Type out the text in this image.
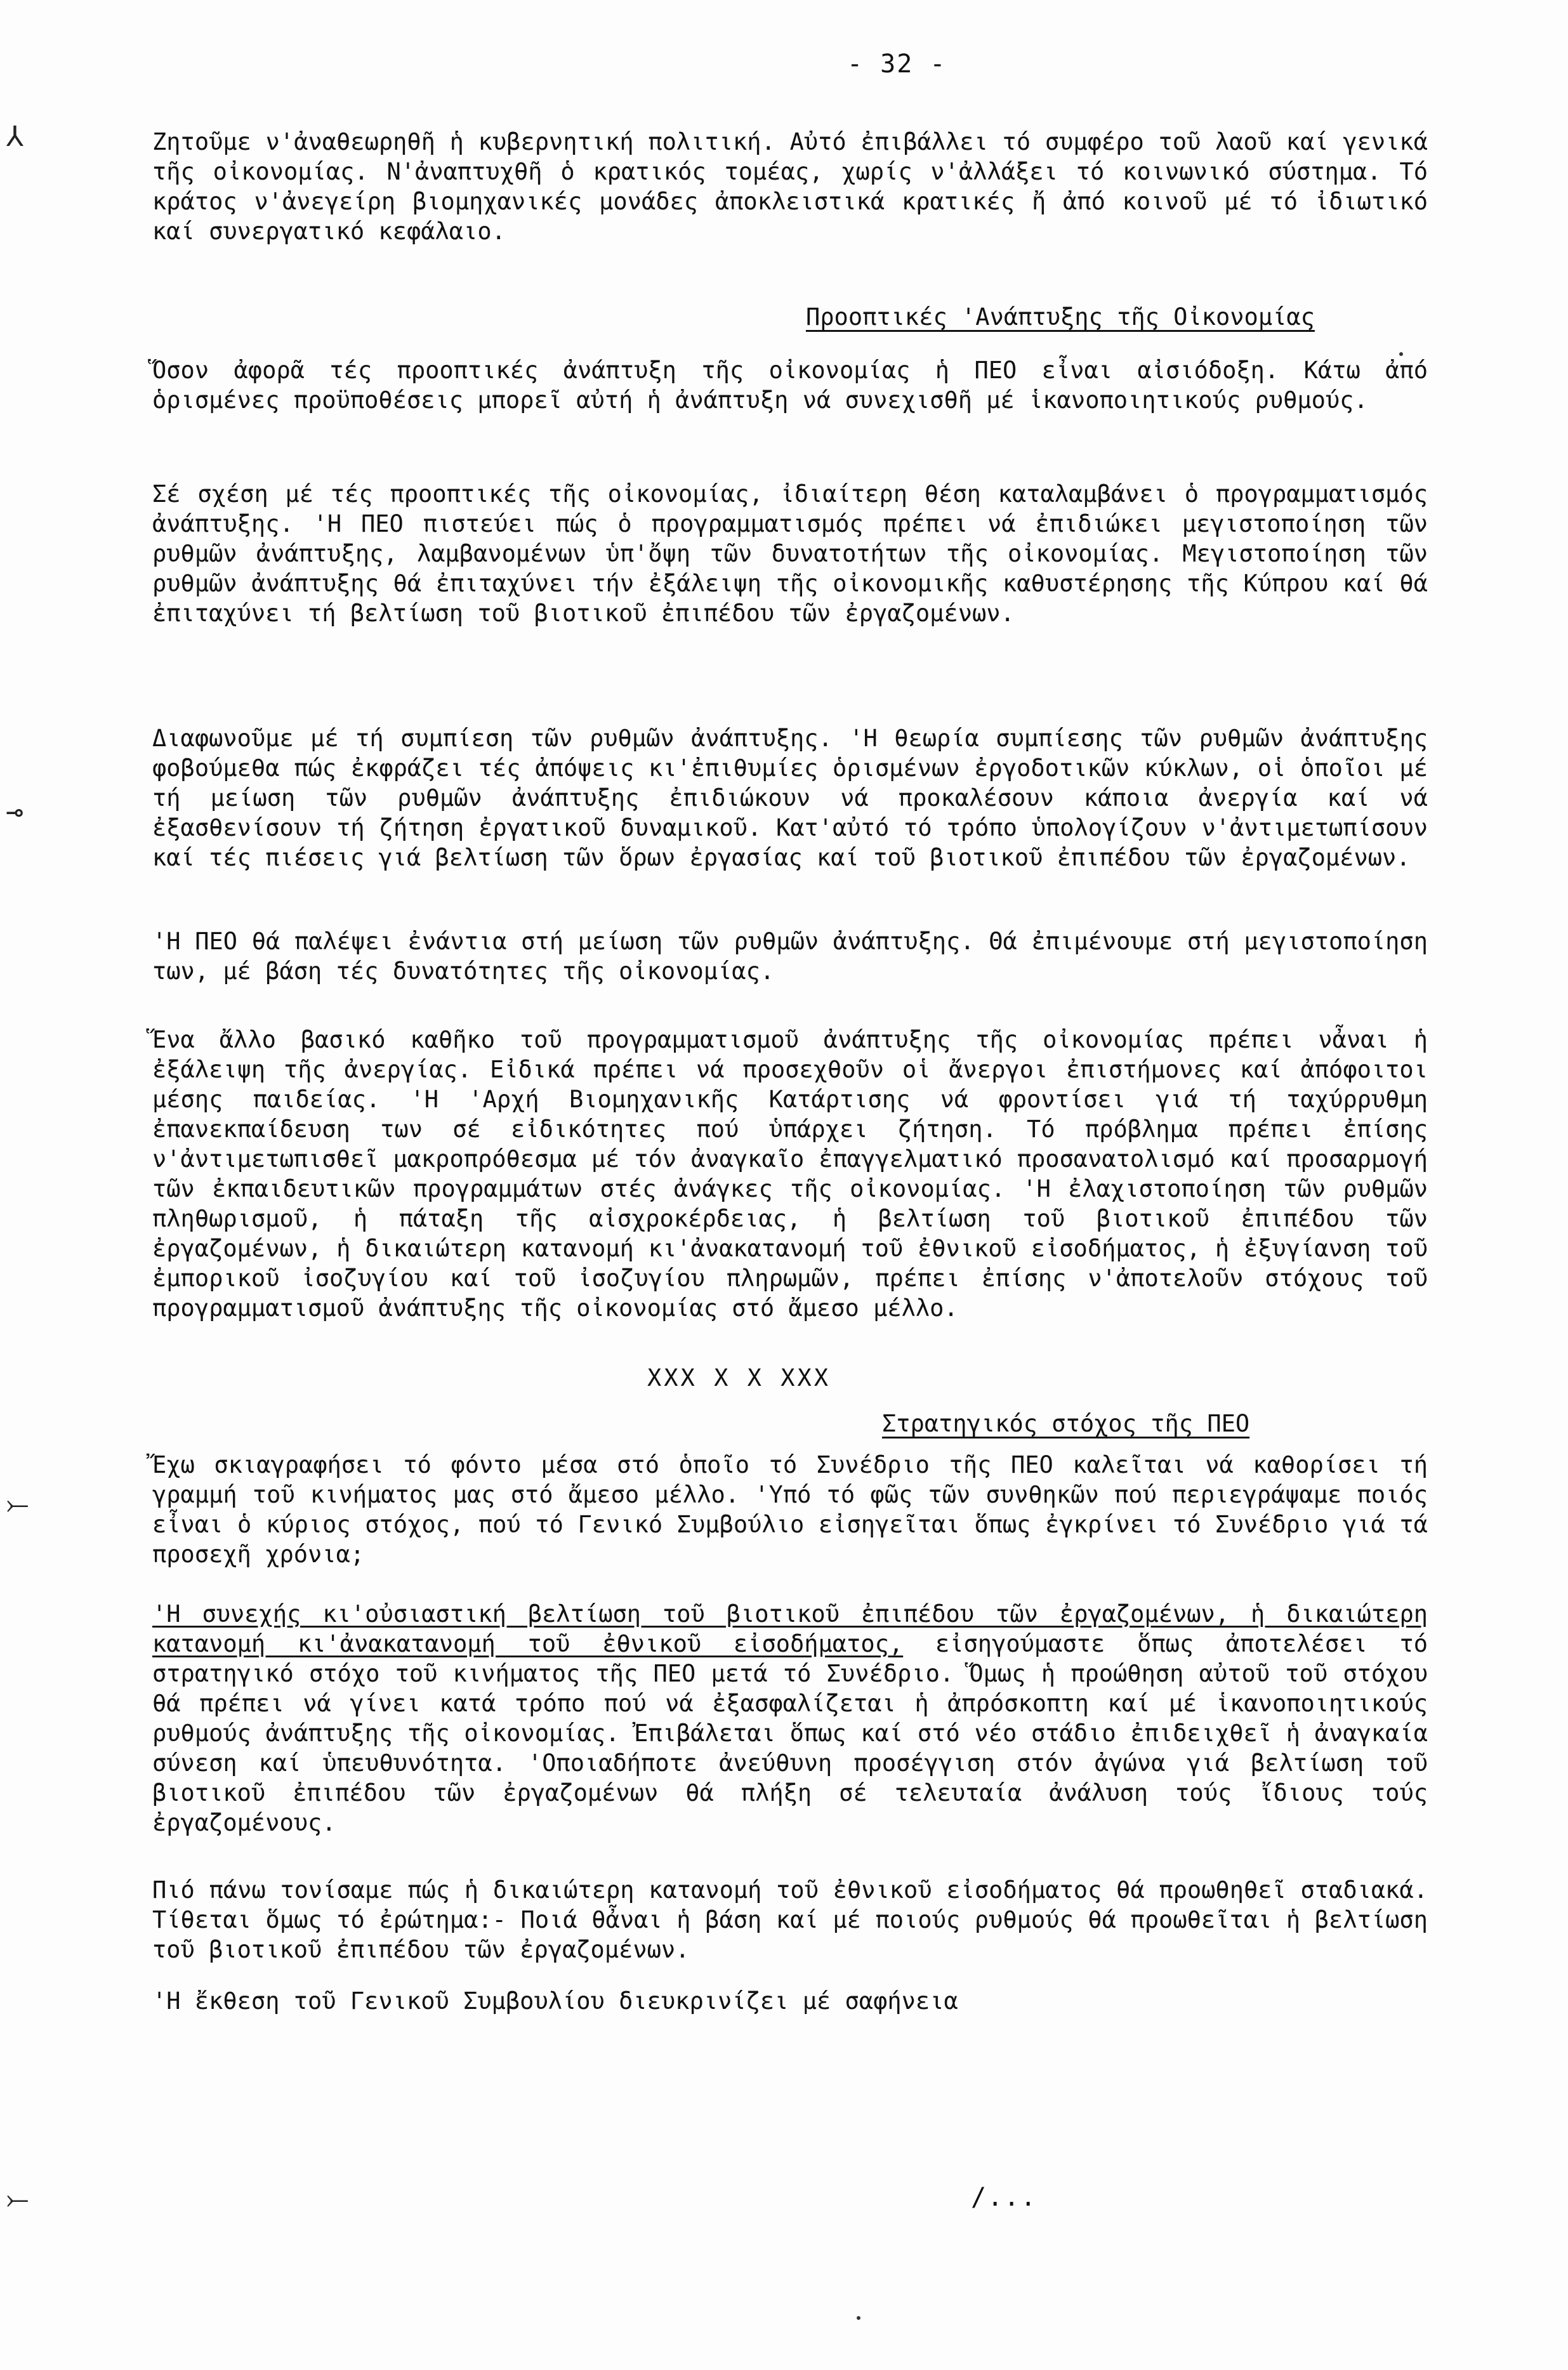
- 32 -
⅄
⊸
⤚
⤚
Ζητοῦμε ν'ἀναθεωρηθῆ ἡ κυβερνητική πολιτική. Αὐτό ἐπιβάλλει τό συμφέρο τοῦ λαοῦ καί γενικά τῆς οἰκονομίας. Ν'ἀναπτυχθῆ ὁ κρατικός τομέας, χωρίς ν'ἀλλάξει τό κοινωνικό σύστημα. Τό κράτος ν'ἀνεγείρη βιομηχανικές μονάδες ἀποκλειστικά κρατικές ἤ ἀπό κοινοῦ μέ τό ἰδιωτικό καί συνεργατικό κεφάλαιο.
Προοπτικές 'Ανάπτυξης τῆς Οἰκονομίας
Ὅσον ἀφορᾶ τές προοπτικές ἀνάπτυξη τῆς οἰκονομίας ἡ ΠΕΟ εἶναι αἰσιόδοξη. Κάτω ἀπό ὁρισμένες προϋποθέσεις μπορεῖ αὐτή ἡ ἀνάπτυξη νά συνεχισθῆ μέ ἱκανοποιητικούς ρυθμούς.
Σέ σχέση μέ τές προοπτικές τῆς οἰκονομίας, ἰδιαίτερη θέση καταλαμβάνει ὁ προγραμματισμός ἀνάπτυξης. 'Η ΠΕΟ πιστεύει πώς ὁ προγραμματισμός πρέπει νά ἐπιδιώκει μεγιστοποίηση τῶν ρυθμῶν ἀνάπτυξης, λαμβανομένων ὑπ'ὄψη τῶν δυνατοτήτων τῆς οἰκονομίας. Μεγιστοποίηση τῶν ρυθμῶν ἀνάπτυξης θά ἐπιταχύνει τήν ἐξάλειψη τῆς οἰκονομικῆς καθυστέρησης τῆς Κύπρου καί θά ἐπιταχύνει τή βελτίωση τοῦ βιοτικοῦ ἐπιπέδου τῶν ἐργαζομένων.
Διαφωνοῦμε μέ τή συμπίεση τῶν ρυθμῶν ἀνάπτυξης. 'Η θεωρία συμπίεσης τῶν ρυθμῶν ἀνάπτυξης φοβούμεθα πώς ἐκφράζει τές ἀπόψεις κι'ἐπιθυμίες ὁρισμένων ἐργοδοτικῶν κύκλων, οἱ ὁποῖοι μέ τή μείωση τῶν ρυθμῶν ἀνάπτυξης ἐπιδιώκουν νά προκαλέσουν κάποια ἀνεργία καί νά ἐξασθενίσουν τή ζήτηση ἐργατικοῦ δυναμικοῦ. Κατ'αὐτό τό τρόπο ὑπολογίζουν ν'ἀντιμετωπίσουν καί τές πιέσεις γιά βελτίωση τῶν ὅρων ἐργασίας καί τοῦ βιοτικοῦ ἐπιπέδου τῶν ἐργαζομένων.
'Η ΠΕΟ θά παλέψει ἐνάντια στή μείωση τῶν ρυθμῶν ἀνάπτυξης. Θά ἐπιμένουμε στή μεγιστοποίηση των, μέ βάση τές δυνατότητες τῆς οἰκονομίας.
Ἕνα ἄλλο βασικό καθῆκο τοῦ προγραμματισμοῦ ἀνάπτυξης τῆς οἰκονομίας πρέπει νἆναι ἡ ἐξάλειψη τῆς ἀνεργίας. Εἰδικά πρέπει νά προσεχθοῦν οἱ ἄνεργοι ἐπιστήμονες καί ἀπόφοιτοι μέσης παιδείας. 'Η 'Αρχή Βιομηχανικῆς Κατάρτισης νά φροντίσει γιά τή ταχύρρυθμη ἐπανεκπαίδευση των σέ εἰδικότητες πού ὑπάρχει ζήτηση. Τό πρόβλημα πρέπει ἐπίσης ν'ἀντιμετωπισθεῖ μακροπρόθεσμα μέ τόν ἀναγκαῖο ἐπαγγελματικό προσανατολισμό καί προσαρμογή τῶν ἐκπαιδευτικῶν προγραμμάτων στές ἀνάγκες τῆς οἰκονομίας. 'Η ἐλαχιστοποίηση τῶν ρυθμῶν πληθωρισμοῦ, ἡ πάταξη τῆς αἰσχροκέρδειας, ἡ βελτίωση τοῦ βιοτικοῦ ἐπιπέδου τῶν ἐργαζομένων, ἡ δικαιώτερη κατανομή κι'ἀνακατανομή τοῦ ἐθνικοῦ εἰσοδήματος, ἡ ἐξυγίανση τοῦ ἐμπορικοῦ ἰσοζυγίου καί τοῦ ἰσοζυγίου πληρωμῶν, πρέπει ἐπίσης ν'ἀποτελοῦν στόχους τοῦ προγραμματισμοῦ ἀνάπτυξης τῆς οἰκονομίας στό ἄμεσο μέλλο.
XXX X X XXX
Στρατηγικός στόχος τῆς ΠΕΟ
Ἔχω σκιαγραφήσει τό φόντο μέσα στό ὁποῖο τό Συνέδριο τῆς ΠΕΟ καλεῖται νά καθορίσει τή γραμμή τοῦ κινήματος μας στό ἄμεσο μέλλο. 'Υπό τό φῶς τῶν συνθηκῶν πού περιεγράψαμε ποιός εἶναι ὁ κύριος στόχος, πού τό Γενικό Συμβούλιο εἰσηγεῖται ὅπως ἐγκρίνει τό Συνέδριο γιά τά προσεχῆ χρόνια;
'Η συνεχής κι'οὐσιαστική βελτίωση τοῦ βιοτικοῦ ἐπιπέδου τῶν ἐργαζομένων, ἡ δικαιώτερη κατανομή κι'ἀνακατανομή τοῦ ἐθνικοῦ εἰσοδήματος, εἰσηγούμαστε ὅπως ἀποτελέσει τό στρατηγικό στόχο τοῦ κινήματος τῆς ΠΕΟ μετά τό Συνέδριο. Ὅμως ἡ προώθηση αὐτοῦ τοῦ στόχου θά πρέπει νά γίνει κατά τρόπο πού νά ἐξασφαλίζεται ἡ ἀπρόσκοπτη καί μέ ἱκανοποιητικούς ρυθμούς ἀνάπτυξης τῆς οἰκονομίας. Ἐπιβάλεται ὅπως καί στό νέο στάδιο ἐπιδειχθεῖ ἡ ἀναγκαία σύνεση καί ὑπευθυνότητα. 'Οποιαδήποτε ἀνεύθυνη προσέγγιση στόν ἀγώνα γιά βελτίωση τοῦ βιοτικοῦ ἐπιπέδου τῶν ἐργαζομένων θά πλήξη σέ τελευταία ἀνάλυση τούς ἴδιους τούς ἐργαζομένους.
Πιό πάνω τονίσαμε πώς ἡ δικαιώτερη κατανομή τοῦ ἐθνικοῦ εἰσοδήματος θά προωθηθεῖ σταδιακά. Τίθεται ὅμως τό ἐρώτημα:- Ποιά θἆναι ἡ βάση καί μέ ποιούς ρυθμούς θά προωθεῖται ἡ βελτίωση τοῦ βιοτικοῦ ἐπιπέδου τῶν ἐργαζομένων.
'Η ἔκθεση τοῦ Γενικοῦ Συμβουλίου διευκρινίζει μέ σαφήνεια
/...
